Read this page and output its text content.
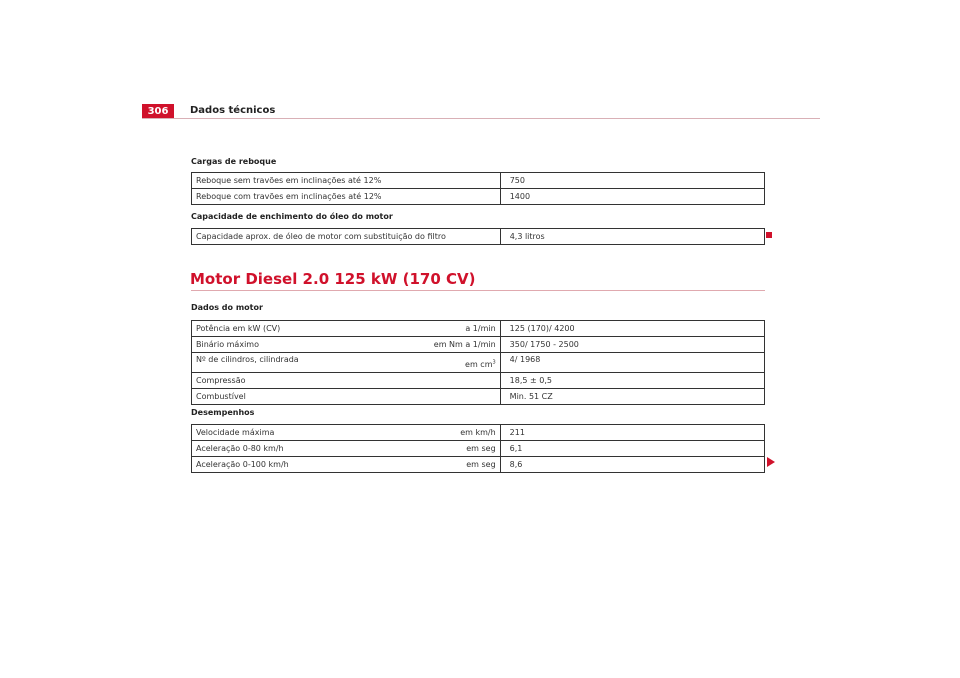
306	Dados técnicos
Cargas de reboque
Reboque sem travões em inclinações até 12%	750
Reboque com travões em inclinações até 12%	1400
Capacidade de enchimento do óleo do motor
Capacidade aprox. de óleo de motor com substituição do filtro	4,3 litros
Motor Diesel 2.0 125 kW (170 CV)
Dados do motor
Potência em kW (CV)	a 1/min	125 (170)/ 4200
Binário máximo	em Nm a 1/min	350/ 1750 - 2500
Nº de cilindros, cilindrada	em $cm^3$	4/ 1968
Compressão		18,5 ± 0,5
Combustível		Min. 51 CZ
Desempenhos
Velocidade máxima	em km/h	211
Aceleração 0-80 km/h	em seg	6,1
Aceleração 0-100 km/h	em seg	8,6
